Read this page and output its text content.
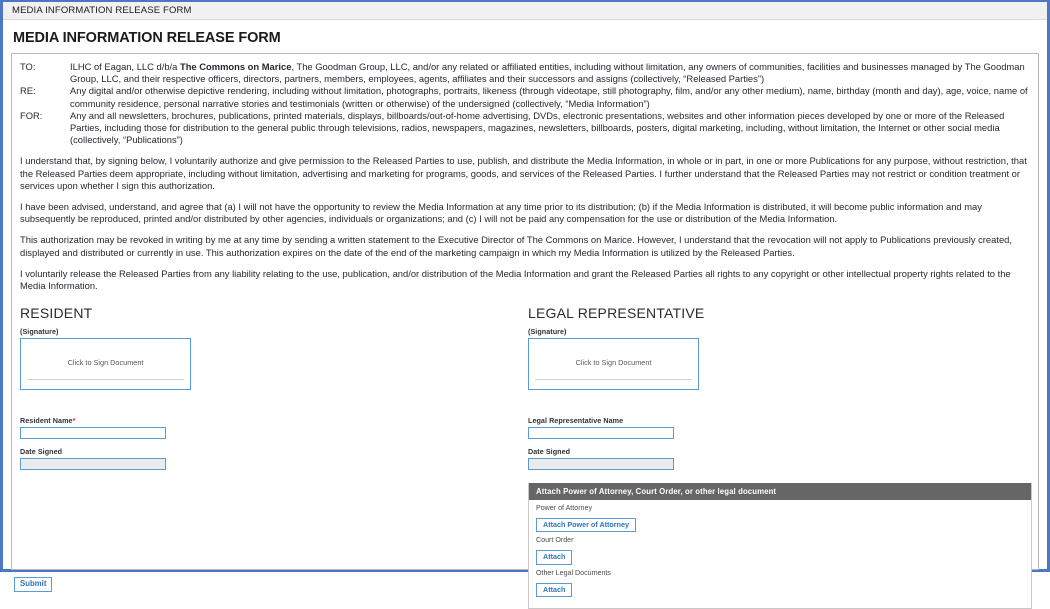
MEDIA INFORMATION RELEASE FORM
MEDIA INFORMATION RELEASE FORM
TO:	ILHC of Eagan, LLC d/b/a The Commons on Marice, The Goodman Group, LLC, and/or any related or affiliated entities, including without limitation, any owners of communities, facilities and businesses managed by The Goodman Group, LLC, and their respective officers, directors, partners, members, employees, agents, affiliates and their successors and assigns (collectively, “Released Parties”)
RE:	Any digital and/or otherwise depictive rendering, including without limitation, photographs, portraits, likeness (through videotape, still photography, film, and/or any other medium), name, birthday (month and day), age, voice, name of community residence, personal narrative stories and testimonials (written or otherwise) of the undersigned (collectively, “Media Information”)
FOR:	Any and all newsletters, brochures, publications, printed materials, displays, billboards/out-of-home advertising, DVDs, electronic presentations, websites and other information pieces developed by one or more of the Released Parties, including those for distribution to the general public through televisions, radios, newspapers, magazines, newsletters, billboards, posters, digital marketing, including, without limitation, the Internet or other social media (collectively, “Publications”)

I understand that, by signing below, I voluntarily authorize and give permission to the Released Parties to use, publish, and distribute the Media Information, in whole or in part, in one or more Publications for any purpose, without restriction, that the Released Parties deem appropriate, including without limitation, advertising and marketing for programs, goods, and services of the Released Parties. I further understand that the Released Parties may not restrict or condition treatment or services upon whether I sign this authorization.

I have been advised, understand, and agree that (a) I will not have the opportunity to review the Media Information at any time prior to its distribution; (b) if the Media Information is distributed, it will become public information and may subsequently be reproduced, printed and/or distributed by other agencies, individuals or organizations; and (c) I will not be paid any compensation for the use or distribution of the Media Information.

This authorization may be revoked in writing by me at any time by sending a written statement to the Executive Director of The Commons on Marice. However, I understand that the revocation will not apply to Publications previously created, displayed and distributed or currently in use. This authorization expires on the date of the end of the marketing campaign in which my Media Information is utilized by the Released Parties.

I voluntarily release the Released Parties from any liability relating to the use, publication, and/or distribution of the Media Information and grant the Released Parties all rights to any copyright or other intellectual property rights related to the Media Information.

RESIDENT
(Signature)
Click to Sign Document
Resident Name*
Date Signed
LEGAL REPRESENTATIVE
(Signature)
Click to Sign Document
Legal Representative Name
Date Signed
Attach Power of Attorney, Court Order, or other legal document
Power of Attorney
Attach Power of Attorney
Court Order
Attach
Other Legal Documents
Attach
Submit
